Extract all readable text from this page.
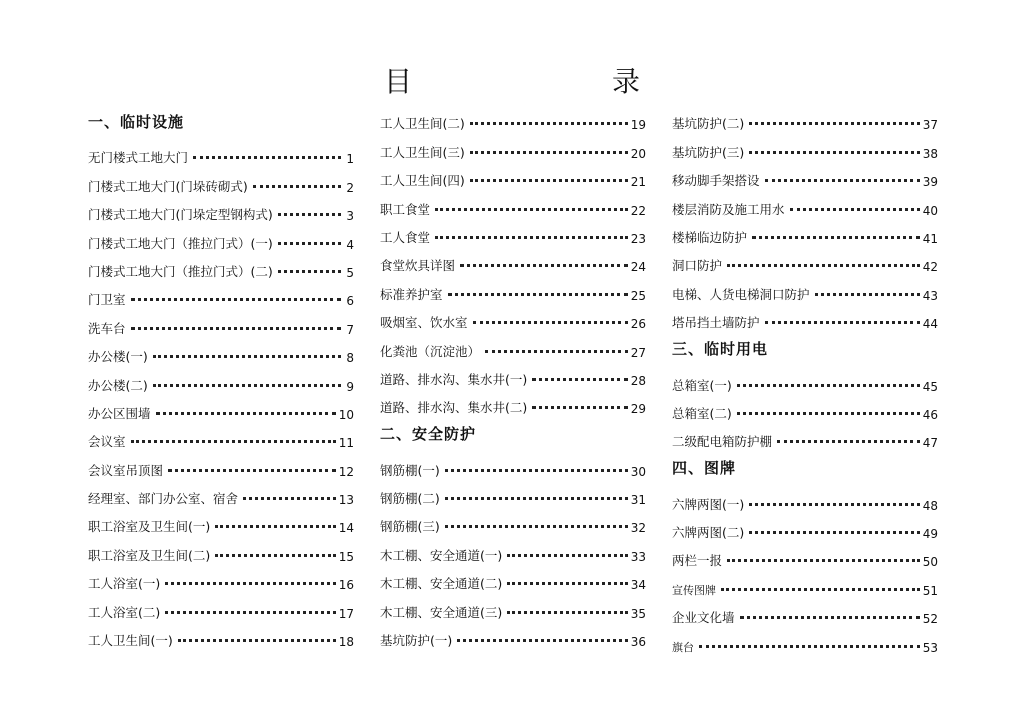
目　　录
一、临时设施
无门楼式工地大门	1
门楼式工地大门(门垛砖砌式)	2
门楼式工地大门(门垛定型钢构式)	3
门楼式工地大门（推拉门式）(一)	4
门楼式工地大门（推拉门式）(二)	5
门卫室	6
洗车台	7
办公楼(一)	8
办公楼(二)	9
办公区围墙	10
会议室	11
会议室吊顶图	12
经理室、部门办公室、宿舍	13
职工浴室及卫生间(一)	14
职工浴室及卫生间(二)	15
工人浴室(一)	16
工人浴室(二)	17
工人卫生间(一)	18
工人卫生间(二)	19
工人卫生间(三)	20
工人卫生间(四)	21
职工食堂	22
工人食堂	23
食堂炊具详图	24
标准养护室	25
吸烟室、饮水室	26
化粪池（沉淀池）	27
道路、排水沟、集水井(一)	28
道路、排水沟、集水井(二)	29
二、安全防护
钢筋棚(一)	30
钢筋棚(二)	31
钢筋棚(三)	32
木工棚、安全通道(一)	33
木工棚、安全通道(二)	34
木工棚、安全通道(三)	35
基坑防护(一)	36
基坑防护(二)	37
基坑防护(三)	38
移动脚手架搭设	39
楼层消防及施工用水	40
楼梯临边防护	41
洞口防护	42
电梯、人货电梯洞口防护	43
塔吊挡土墙防护	44
三、临时用电
总箱室(一)	45
总箱室(二)	46
二级配电箱防护棚	47
四、图牌
六牌两图(一)	48
六牌两图(二)	49
两栏一报	50
宣传图牌	51
企业文化墙	52
旗台	53
